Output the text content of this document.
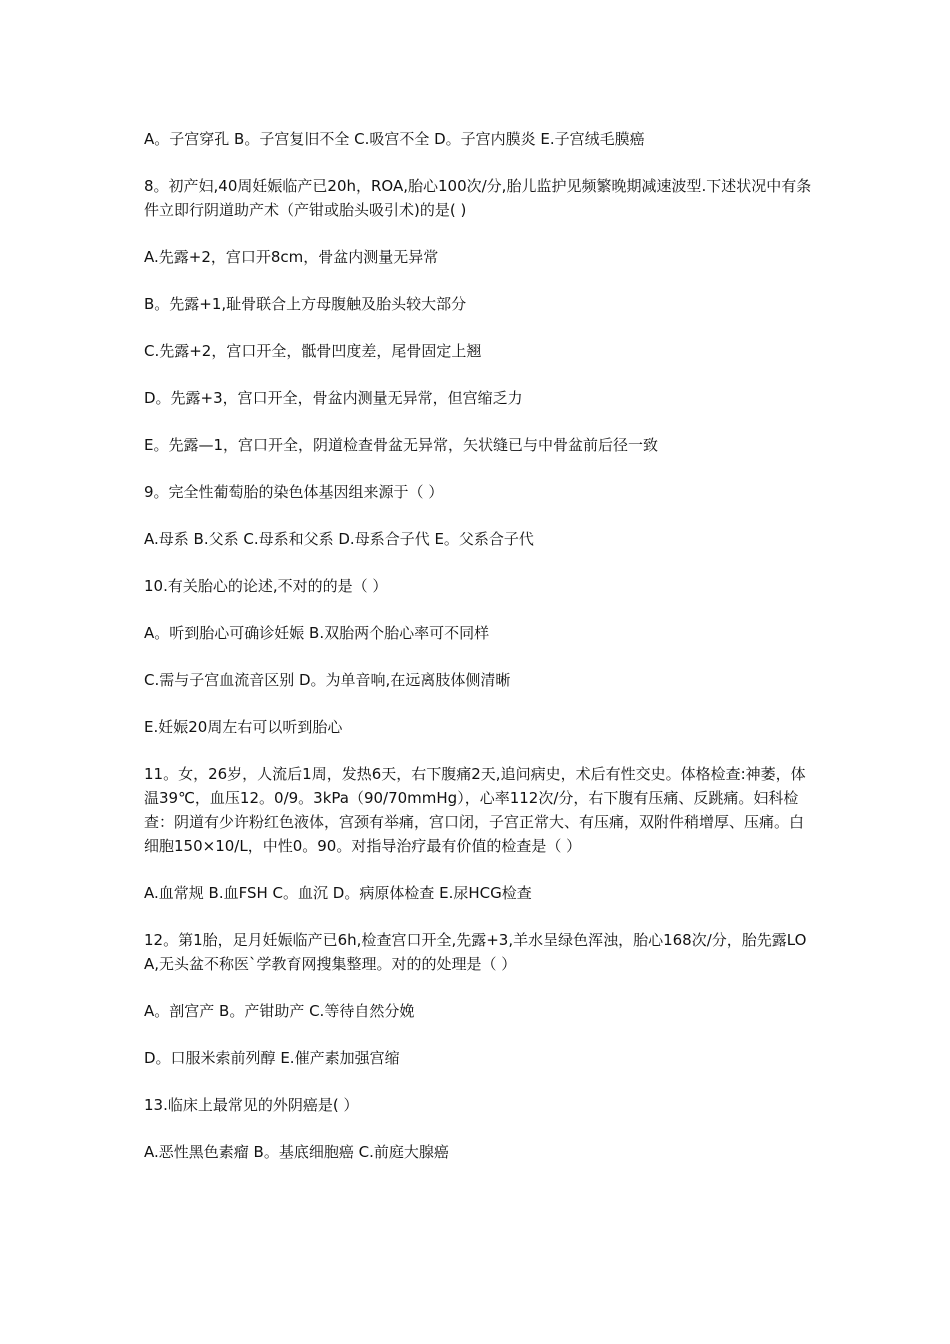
A。子宫穿孔 B。子宫复旧不全 C.吸宫不全 D。子宫内膜炎 E.子宫绒毛膜癌

8。初产妇,40周妊娠临产已20h，ROA,胎心100次/分,胎儿监护见频繁晚期减速波型.下述状况中有条件立即行阴道助产术（产钳或胎头吸引术)的是( )

A.先露+2，宫口开8cm，骨盆内测量无异常

B。先露+1,耻骨联合上方母腹触及胎头较大部分

C.先露+2，宫口开全，骶骨凹度差，尾骨固定上翘

D。先露+3，宫口开全，骨盆内测量无异常，但宫缩乏力

E。先露—1，宫口开全，阴道检查骨盆无异常，矢状缝已与中骨盆前后径一致

9。完全性葡萄胎的染色体基因组来源于（ ）

A.母系 B.父系 C.母系和父系 D.母系合子代 E。父系合子代

10.有关胎心的论述,不对的的是（ ）

A。听到胎心可确诊妊娠 B.双胎两个胎心率可不同样

C.需与子宫血流音区别 D。为单音响,在远离肢体侧清晰

E.妊娠20周左右可以听到胎心

11。女，26岁，人流后1周，发热6天，右下腹痛2天,追问病史，术后有性交史。体格检查:神萎，体温39℃，血压12。0/9。3kPa（90/70mmHg），心率112次/分，右下腹有压痛、反跳痛。妇科检查：阴道有少许粉红色液体，宫颈有举痛，宫口闭，子宫正常大、有压痛，双附件稍增厚、压痛。白细胞150×10/L，中性0。90。对指导治疗最有价值的检查是（ ）

A.血常规 B.血FSH C。血沉 D。病原体检查 E.尿HCG检查

12。第1胎，足月妊娠临产已6h,检查宫口开全,先露+3,羊水呈绿色浑浊，胎心168次/分，胎先露LOA,无头盆不称医`学教育网搜集整理。对的的处理是（ ）

A。剖宫产 B。产钳助产 C.等待自然分娩

D。口服米索前列醇 E.催产素加强宫缩

13.临床上最常见的外阴癌是( ）

A.恶性黑色素瘤 B。基底细胞癌 C.前庭大腺癌
